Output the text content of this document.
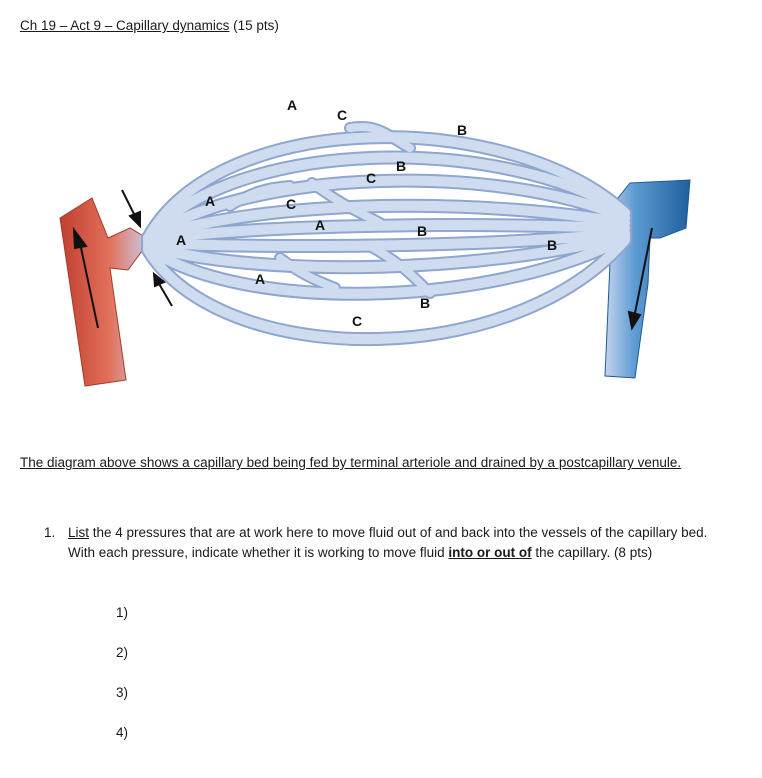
Ch 19 – Act 9 – Capillary dynamics (15 pts)
A
A
A
A
A
C
C
C
C
B
B
B
B
B
The diagram above shows a capillary bed being fed by terminal arteriole and drained by a postcapillary venule.
1. List the 4 pressures that are at work here to move fluid out of and back into the vessels of the capillary bed. With each pressure, indicate whether it is working to move fluid into or out of the capillary. (8 pts)
1)
2)
3)
4)
